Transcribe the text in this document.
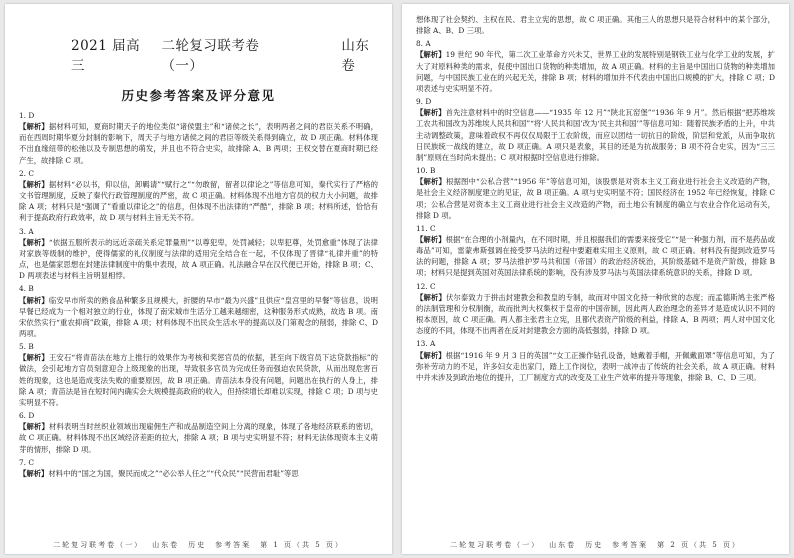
2021 届高三
二轮复习联考卷（一）
山东卷
历史参考答案及评分意见
1. D
【解析】据材料可知，夏商时期天子的地位类似“诸侯盟主”和“诸侯之长”，表明两者之间的君臣关系不明确，而在西周时期华夏分封制的影响下，周天子与地方诸侯之间的君臣等级关系得到确立，故 D 项正确。材料体现不出血缘纽带的松弛以及专制思想的萌发，并且也不符合史实，故排除 A、B 两项；王权交替在夏商时期已经产生，故排除 C 项。
2. C
【解析】据材料“必以书，仰以信，卸羁请”“赋行之”“勿敢留，留者以律论之”等信息可知，秦代实行了严格的文书管理制度，反映了秦代行政管理制度的严密，故 C 项正确。材料体现不出地方官员的权力大小问题，故排除 A 项；材料只是“强调了”看重以律论之”的信息，但体现不出法律的“严酷”，排除 B 项；材料所述，恰恰有利于提高政府行政效率，故 D 项与材料主旨无关不符。
3. A
【解析】“依据五服所表示的远近亲疏关系定罪量刑”“以尊犯卑，处罚减轻；以卑犯尊，处罚愈重”体现了法律对家族等级制的维护，使得儒家的礼仪制度与法律的适用完全结合在一起，不仅体现了晋律“礼律并重”的特点，也是儒家思想在封建法律制度中的集中表现，故 A 项正确。礼法融合早在汉代便已开始，排除 B 项；C、D 两项表述与材料主旨明显相悖。
4. B
【解析】临安早市所卖的熟食品种繁多且规模大，折腰的早市“最为兴盛”且供应“皇宫里的早餐”等信息，说明早餐已经成为一个相对独立的行业，体现了南宋城市生活分工越来越细密，这种服务形式成熟，故选 B 项。南宋依然实行“重农抑商”政策，排除 A 项；材料体现不出民众生活水平的提高以及门第观念的削弱，排除 C、D 两项。
5. B
【解析】王安石“将青苗法在地方上推行的效果作为考核和奖惩官员的依据，甚至向下级官员下达贷款指标”的做法，会引起地方官员刻意迎合上级现象的出现，导致很多官员为完成任务而强迫农民贷款，从而出现危害百姓的现象，这也是造成变法失败的重要原因，故 B 项正确。青苗法本身没有问题，问题出在执行的人身上，排除 A 项；青苗法是旨在短时间内确实会大规模提高政府的收入，但持续增长却难以实现，排除 C 项；D 项与史实明显不符。
6. D
【解析】材料表明当时丝织业领域出现雇佣生产和成品制造空间上分离的现象，体现了各地经济联系的密切，故 C 项正确。材料体现不出区域经济差距的拉大，排除 A 项；B 项与史实明显不符；材料无法体现资本主义萌芽的情形，排除 D 项。
7. C
【解析】材料中的“国之为国，聚民而成之”“必公举人任之”“代众民”“民营而君耻”等思
二轮复习联考卷（一） 山东卷 历史 参考答案 第 1 页（共 5 页）
想体现了社会契约、主权在民、君主立宪的思想，故 C 项正确。其他三人的思想只是符合材料中的某个部分，排除 A、B、D 三项。
8. A
【解析】19 世纪 90 年代，第二次工业革命方兴未艾，世界工业的发展特别是钢铁工业与化学工业的发展，扩大了对原料种类的需求，促使中国出口货物的种类增加，故 A 项正确。材料的主旨是中国出口货物的种类增加问题，与中国民族工业在的兴起无关，排除 B 项；材料的增加并不代表由中国出口规模的扩大，排除 C 项；D 项表述与史实明显不符。
9. D
【解析】首先注意材料中的时空信息——“1935 年 12 月”“陕北瓦窑堡”“1936 年 9 月”。然后根据“把苏维埃工农共和国改为苏维埃人民共和国”“将‘人民共和国’改为‘民主共和国’”等信息可知：随着民族矛盾的上升，中共主动调整政策，意味着政权不再仅仅局限于工农阶级，而应以团结一切抗日的阶级，阶层和党派，从而争取抗日民族统一战线的建立，故 D 项正确。A 项只是表象，其目的还是为抗战服务；B 项不符合史实，因为“三三制”原则在当时尚未提出；C 项对根据时空信息进行排除。
10. B
【解析】根据图中“公私合营”“1956 年”等信息可知，该股票是对资本主义工商业进行社会主义改造的产物，是社会主义经济制度建立的见证，故 B 项正确。A 项与史实明显不符；国民经济在 1952 年已经恢复，排除 C 项；公私合营是对资本主义工商业进行社会主义改造的产物，而土地公有制度的确立与农业合作化运动有关，排除 D 项。
11. C
【解析】根据“在合理的小剂量内，在不同时期，并且根据我们的需要来接受它”“是一种强力剂，而不是药品或毒品”可知，雷蒙弗斯强调在接受罗马法的过程中要避难实用主义原则，故 C 项正确。材料没有提到改造罗马法的问题，排除 A 项；罗马法推护罗马共和国（帝国）的政治经济统治，其阶级基础不是资产阶级，排除 B 项；材料只是提到英国对英国法律系统的影响，没有涉及罗马法与英国法律系统意识的关系，排除 D 项。
12. C
【解析】伏尔泰致力于拼击封建教会和教皇的专制，故而对中国文化持一种欣赏的态度；而孟德斯鸠主张严格的法制管理和分权制衡，故而批判大权集权于皇帝的中国帝制，因此两人政治理念的差异才是造成认识不同的根本原因，故 C 项正确。两人都主张君主立宪，且都代表资产阶级的利益，排除 A、B 两项；两人对中国文化态度的不同，体现不出两者在反对封建教会方面的高低强弱，排除 D 项。
13. A
【解析】根据“1916 年 9 月 3 日的英国”“女工正操作钻孔设备，她戴着手帽，开佩戴面罩”等信息可知，为了弥补劳动力的不足，许多妇女走出家门，踏上工作岗位，表明一战冲击了传统的社会关系，故 A 项正确。材料中并未涉及到政治地位的提升，工厂制度方式的改变及工业生产效率的提升等现象，排除 B、C、D 三项。
二轮复习联考卷（一） 山东卷 历史 参考答案 第 2 页（共 5 页）
